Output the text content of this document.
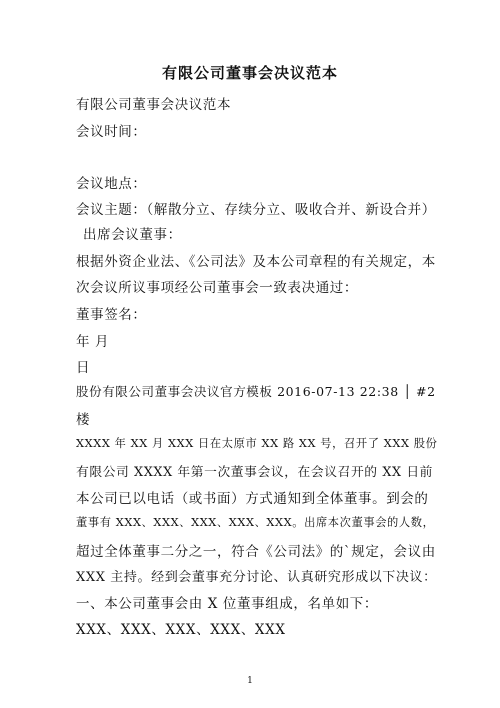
有限公司董事会决议范本
有限公司董事会决议范本
会议时间：
会议地点：
会议主题：（解散分立、存续分立、吸收合并、新设合并）
出席会议董事：
根据外资企业法、《公司法》及本公司章程的有关规定，本
次会议所议事项经公司董事会一致表决通过：
董事签名：
年 月
日
股份有限公司董事会决议官方模板 2016-07-13 22:38 │ #2
楼
XXXX 年 XX 月 XXX 日在太原市 XX 路 XX 号，召开了 XXX 股份
有限公司 XXXX 年第一次董事会议，在会议召开的 XX 日前
本公司已以电话（或书面）方式通知到全体董事。到会的
董事有 XXX、XXX、XXX、XXX、XXX。出席本次董事会的人数，
超过全体董事二分之一，符合《公司法》的`规定，会议由
XXX 主持。经到会董事充分讨论、认真研究形成以下决议：
一、本公司董事会由 X 位董事组成，名单如下：
XXX、XXX、XXX、XXX、XXX
1
